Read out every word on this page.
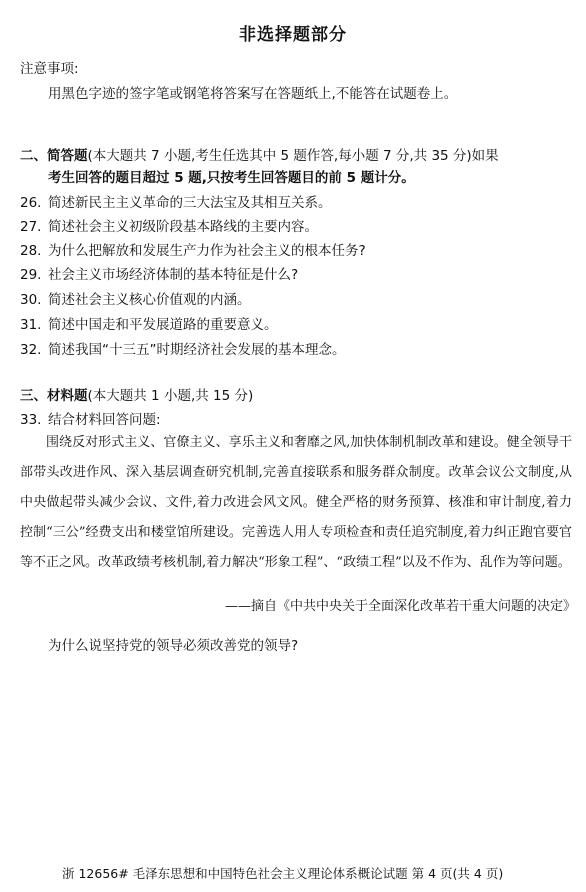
非选择题部分
注意事项:
用黑色字迹的签字笔或钢笔将答案写在答题纸上,不能答在试题卷上。
二、简答题(本大题共 7 小题,考生任选其中 5 题作答,每小题 7 分,共 35 分)如果
考生回答的题目超过 5 题,只按考生回答题目的前 5 题计分。
26. 简述新民主主义革命的三大法宝及其相互关系。
27. 简述社会主义初级阶段基本路线的主要内容。
28. 为什么把解放和发展生产力作为社会主义的根本任务?
29. 社会主义市场经济体制的基本特征是什么?
30. 简述社会主义核心价值观的内涵。
31. 简述中国走和平发展道路的重要意义。
32. 简述我国“十三五”时期经济社会发展的基本理念。
三、材料题(本大题共 1 小题,共 15 分)
33. 结合材料回答问题:
围绕反对形式主义、官僚主义、享乐主义和奢靡之风,加快体制机制改革和建设。健全领导干部带头改进作风、深入基层调查研究机制,完善直接联系和服务群众制度。改革会议公文制度,从中央做起带头减少会议、文件,着力改进会风文风。健全严格的财务预算、核准和审计制度,着力控制“三公”经费支出和楼堂馆所建设。完善选人用人专项检查和责任追究制度,着力纠正跑官要官等不正之风。改革政绩考核机制,着力解决“形象工程”、“政绩工程”以及不作为、乱作为等问题。
——摘自《中共中央关于全面深化改革若干重大问题的决定》
为什么说坚持党的领导必须改善党的领导?
浙 12656# 毛泽东思想和中国特色社会主义理论体系概论试题 第 4 页(共 4 页)
